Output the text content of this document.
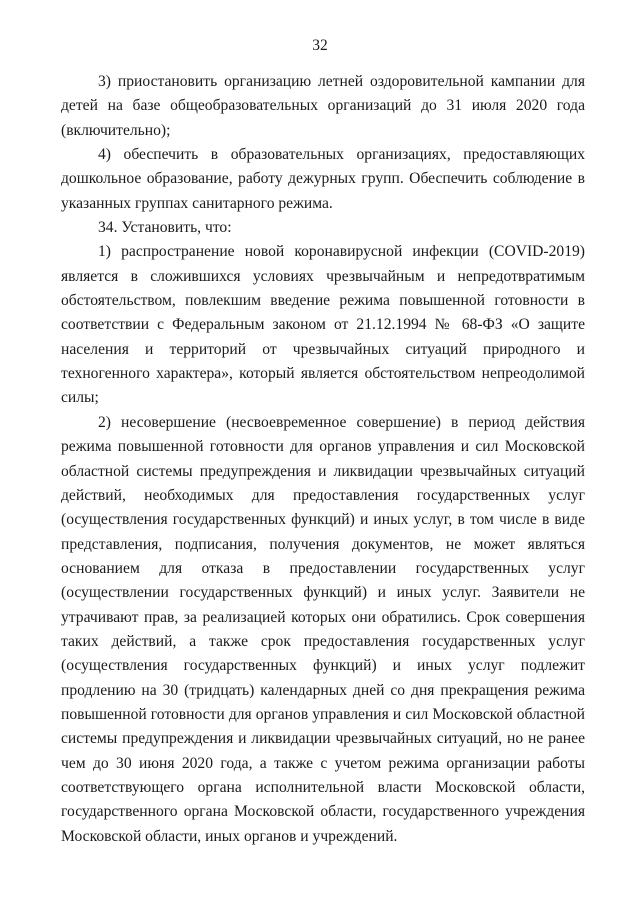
32

3) приостановить организацию летней оздоровительной кампании для детей на базе общеобразовательных организаций до 31 июля 2020 года (включительно);

4) обеспечить в образовательных организациях, предоставляющих дошкольное образование, работу дежурных групп. Обеспечить соблюдение в указанных группах санитарного режима.

34. Установить, что:

1) распространение новой коронавирусной инфекции (COVID-2019) является в сложившихся условиях чрезвычайным и непредотвратимым обстоятельством, повлекшим введение режима повышенной готовности в соответствии с Федеральным законом от 21.12.1994 № 68-ФЗ «О защите населения и территорий от чрезвычайных ситуаций природного и техногенного характера», который является обстоятельством непреодолимой силы;

2) несовершение (несвоевременное совершение) в период действия режима повышенной готовности для органов управления и сил Московской областной системы предупреждения и ликвидации чрезвычайных ситуаций действий, необходимых для предоставления государственных услуг (осуществления государственных функций) и иных услуг, в том числе в виде представления, подписания, получения документов, не может являться основанием для отказа в предоставлении государственных услуг (осуществлении государственных функций) и иных услуг. Заявители не утрачивают прав, за реализацией которых они обратились. Срок совершения таких действий, а также срок предоставления государственных услуг (осуществления государственных функций) и иных услуг подлежит продлению на 30 (тридцать) календарных дней со дня прекращения режима повышенной готовности для органов управления и сил Московской областной системы предупреждения и ликвидации чрезвычайных ситуаций, но не ранее чем до 30 июня 2020 года, а также с учетом режима организации работы соответствующего органа исполнительной власти Московской области, государственного органа Московской области, государственного учреждения Московской области, иных органов и учреждений.
